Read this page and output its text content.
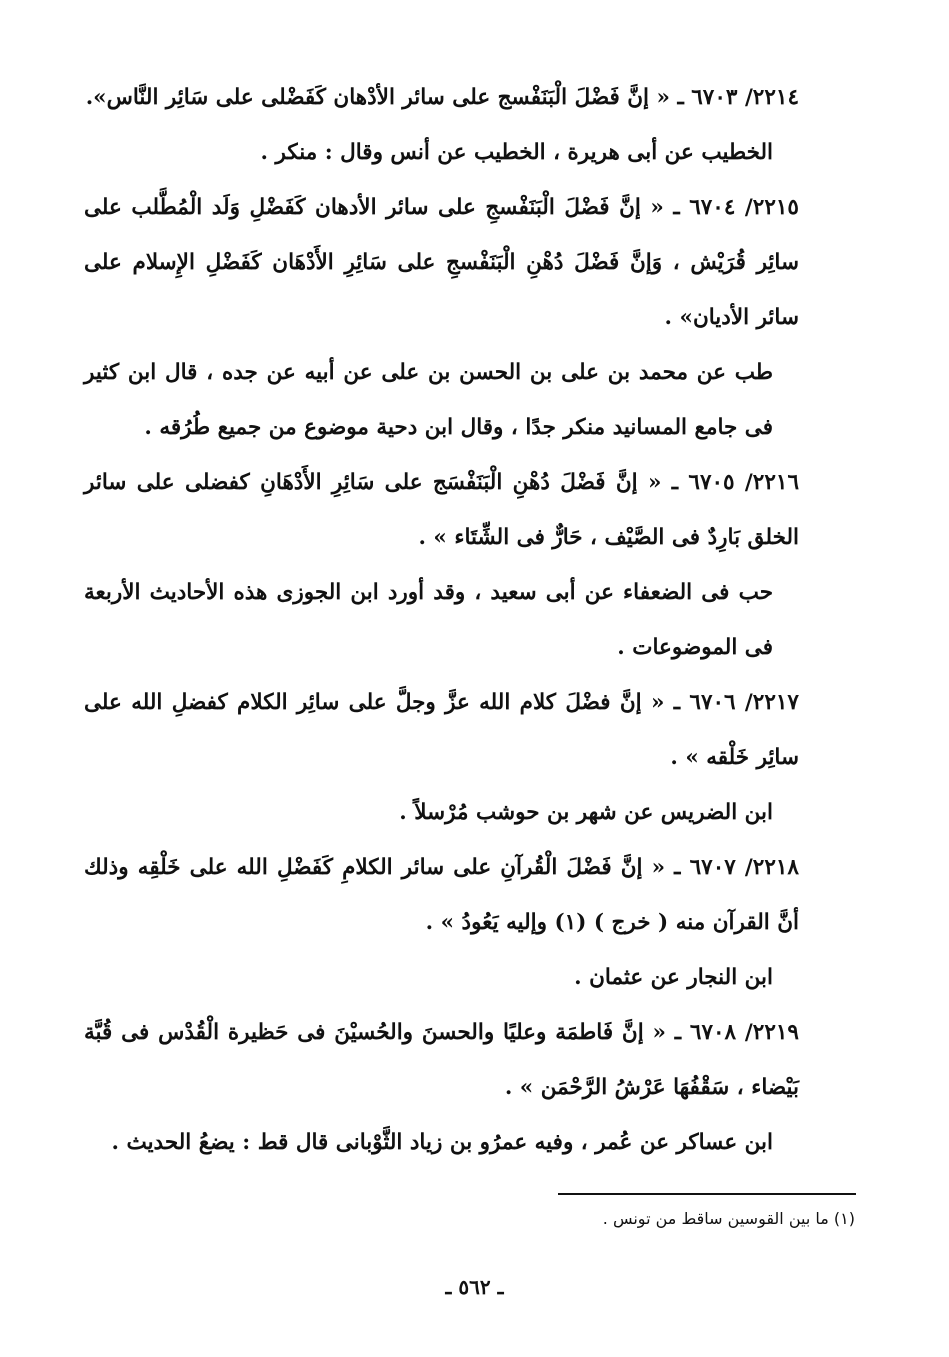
٢٢١٤/ ٦٧٠٣ ـ « إنَّ فَضْلَ الْبَنَفْسج على سائر الأدْهان كَفَضْلى على سَائِر النَّاس».

الخطيب عن أبى هريرة ، الخطيب عن أنس وقال : منكر .

٢٢١٥/ ٦٧٠٤ ـ « إنَّ فَضْلَ الْبَنَفْسجِ على سائر الأدهان كَفَضْلِ وَلَد الْمُطَّلب على سائِر قُرَيْش ، وَإنَّ فَضْلَ دُهْنِ الْبَنَفْسجِ على سَائِرِ الأَدْهَان كَفَضْلِ الإِسلام على سائر الأديان» .

طب عن محمد بن على بن الحسن بن على عن أبيه عن جده ، قال ابن كثير فى جامع المسانيد منكر جدًا ، وقال ابن دحية موضوع من جميع طُرُقه .

٢٢١٦/ ٦٧٠٥ ـ « إنَّ فَضْلَ دُهْنِ الْبَنَفْسَج على سَائِرِ الأَدْهَانِ كفضلى على سائر الخلق بَارِدٌ فى الصَّيْف ، حَارٌّ فى الشِّتَاء » .

حب فى الضعفاء عن أبى سعيد ، وقد أورد ابن الجوزى هذه الأحاديث الأربعة فى الموضوعات .

٢٢١٧/ ٦٧٠٦ ـ « إنَّ فضْلَ كلام الله عزَّ وجلَّ على سائِر الكلام كفضلِ الله على سائِر خَلْقه » .

ابن الضريس عن شهر بن حوشب مُرْسلاً .

٢٢١٨/ ٦٧٠٧ ـ « إنَّ فَضْلَ الْقُرآنِ على سائر الكلامِ كَفَضْلِ الله على خَلْقِه وذلك أنَّ القرآن منه ( خرج ) (١) وإليه يَعُودُ » .

ابن النجار عن عثمان .

٢٢١٩/ ٦٧٠٨ ـ « إنَّ فَاطمَة وعليًا والحسنَ والحُسيْنَ فى حَظيرة الْقُدْس فى قُبَّة بَيْضاء ، سَقْفُهَا عَرْشُ الرَّحْمَن » .

ابن عساكر عن عُمر ، وفيه عمرُو بن زياد الثَّوْبانى قال قط : يضعُ الحديث .

(١) ما بين القوسين ساقط من تونس .
ـ ٥٦٢ ـ
